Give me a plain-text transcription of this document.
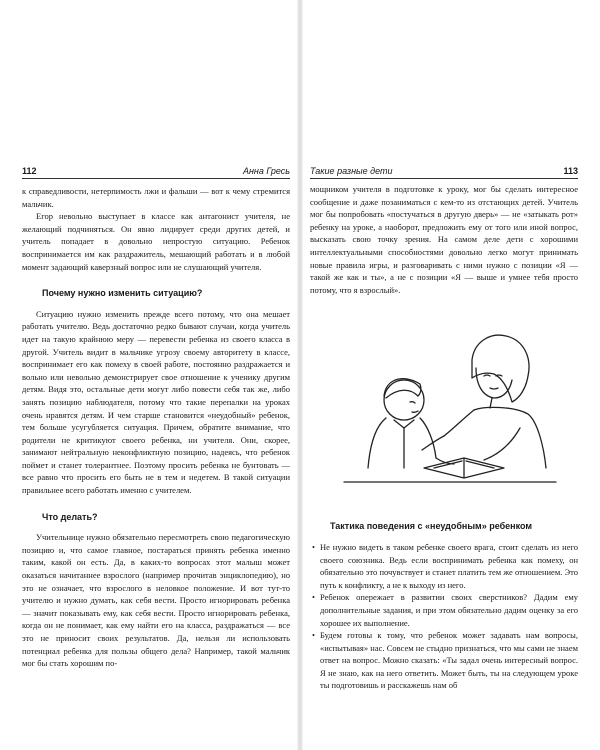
112	Анна Гресь

к справедливости, нетерпимость лжи и фальши — вот к чему стремится мальчик.

Егор невольно выступает в классе как антагонист учителя, не желающий подчиняться. Он явно лидирует среди других детей, и учитель попадает в довольно непростую ситуацию. Ребенок воспринимается им как раздражитель, мешающий работать и в любой момент задающий каверзный вопрос или не слушающий учителя.

Почему нужно изменить ситуацию?

Ситуацию нужно изменить прежде всего потому, что она мешает работать учителю. Ведь достаточно редко бывают случаи, когда учитель идет на такую крайнюю меру — перевести ребенка из своего класса в другой. Учитель видит в мальчике угрозу своему авторитету в классе, воспринимает его как помеху в своей работе, постоянно раздражается и вольно или невольно демонстрирует свое отношение к ученику другим детям. Видя это, остальные дети могут либо повести себя так же, либо занять позицию наблюдателя, потому что такие перепалки на уроках очень нравятся детям. И чем старше становится «неудобный» ребенок, тем больше усугубляется ситуация. Причем, обратите внимание, что родители не критикуют своего ребенка, ни учителя. Они, скорее, занимают нейтральную неконфликтную позицию, надеясь, что ребенок поймет и станет толерантнее. Поэтому просить ребенка не бунтовать — все равно что просить его быть не в тем и недетем. В такой ситуации правильнее всего работать именно с учителем.

Что делать?

Учительнице нужно обязательно пересмотреть свою педагогическую позицию и, что самое главное, постараться принять ребенка именно таким, какой он есть. Да, в каких-то вопросах этот малыш может оказаться начитаннее взрослого (например прочитав энциклопедию), но это не означает, что взрослого в неловкое положение. И вот тут-то учителю и нужно думать, как себя вести. Просто игнорировать ребенка — значит показывать ему, как себя вести. Просто игнорировать ребенка, когда он не понимает, как ему найти его на класса, раздражаться — все это не приносит своих результатов. Да, нельзя ли использовать потенциал ребенка для пользы общего дела? Например, такой мальчик мог бы стать хорошим по-

Такие разные дети	113

мощником учителя в подготовке к уроку, мог бы сделать интересное сообщение и даже позаниматься с кем-то из отстающих детей. Учитель мог бы попробовать «постучаться в другую дверь» — не «затыкать рот» ребенку на уроке, а наоборот, предложить ему от того или иной вопрос, высказать свою точку зрения. На самом деле дети с хорошими интеллектуальными способностями довольно легко могут принимать новые правила игры, и разговаривать с ними нужно с позиции «Я — такой же как и ты», а не с позиции «Я — выше и умнее тебя просто потому, что я взрослый».

Тактика поведения с «неудобным» ребенком
• Не нужно видеть в таком ребенке своего врага, стоит сделать из него своего союзника. Ведь если воспринимать ребенка как помеху, он обязательно это почувствует и станет платить тем же отношением. Это путь к конфликту, а не к выходу из него.
• Ребенок опережает в развитии своих сверстников? Дадим ему дополнительные задания, и при этом обязательно дадим оценку за его хорошее их выполнение.
• Будем готовы к тому, что ребенок может задавать нам вопросы, «испытывая» нас. Совсем не стыдно признаться, что мы сами не знаем ответ на вопрос. Можно сказать: «Ты задал очень интересный вопрос. Я не знаю, как на него ответить. Может быть, ты на следующем уроке ты подготовишь и расскажешь нам об
